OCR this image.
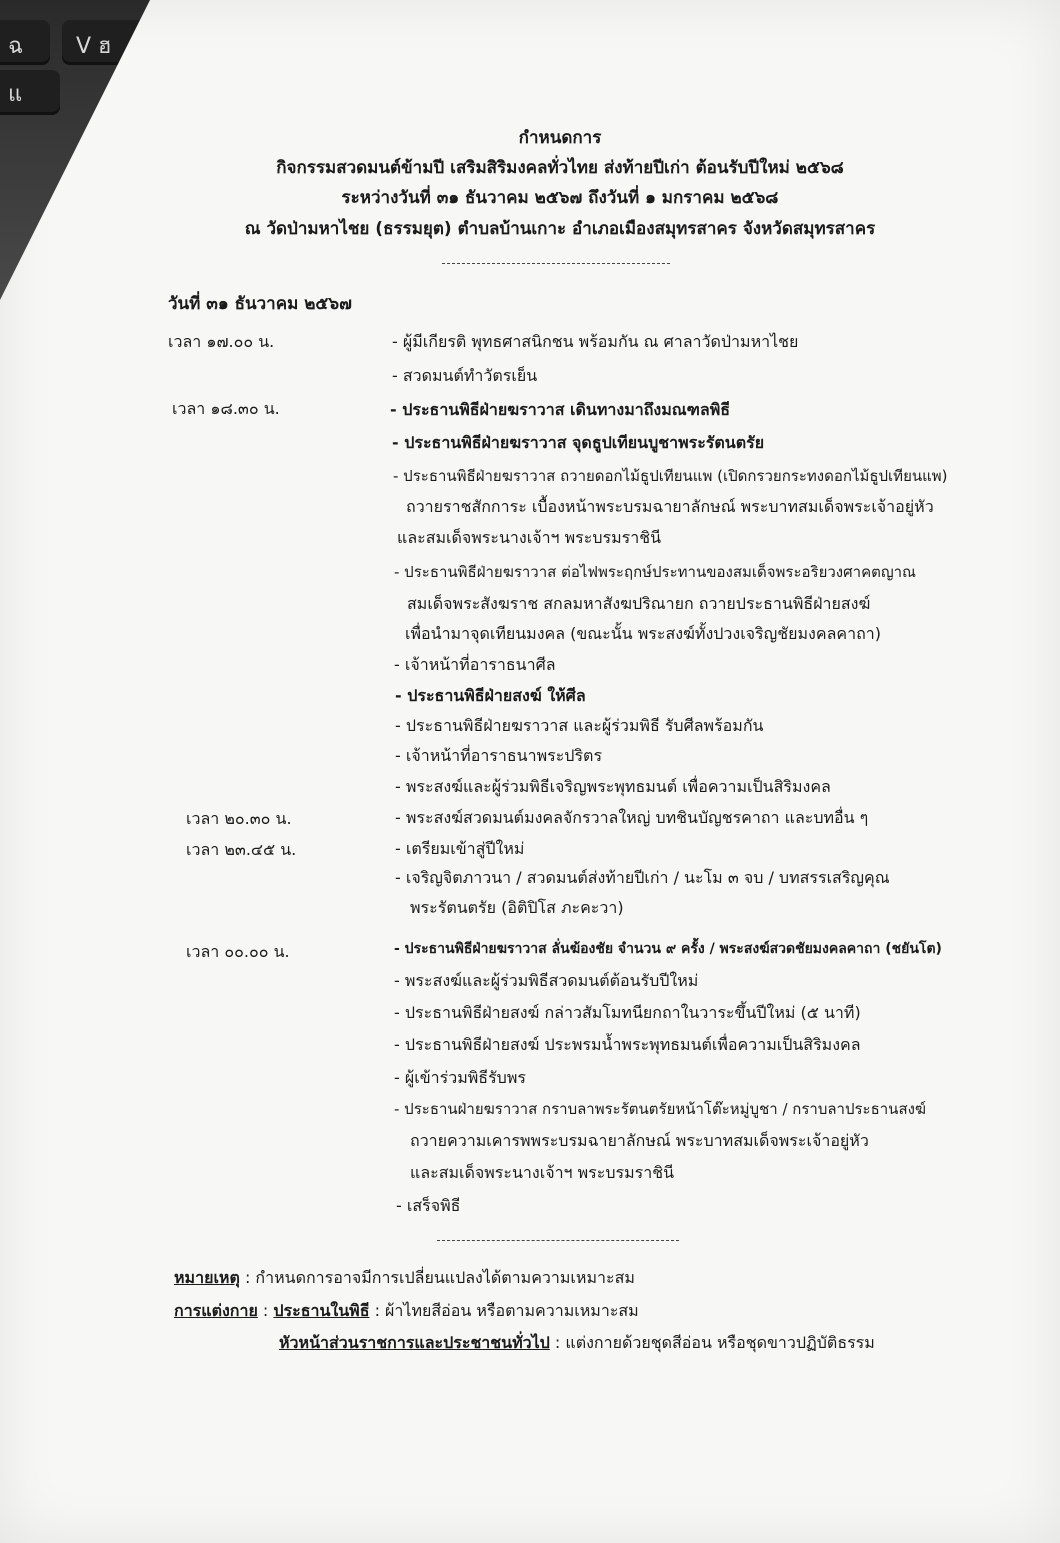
ฉ V ฮ
แ
กำหนดการ
กิจกรรมสวดมนต์ข้ามปี เสริมสิริมงคลทั่วไทย ส่งท้ายปีเก่า ต้อนรับปีใหม่ ๒๕๖๘
ระหว่างวันที่ ๓๑ ธันวาคม ๒๕๖๗ ถึงวันที่ ๑ มกราคม ๒๕๖๘
ณ วัดป่ามหาไชย (ธรรมยุต) ตำบลบ้านเกาะ อำเภอเมืองสมุทรสาคร จังหวัดสมุทรสาคร
วันที่ ๓๑ ธันวาคม ๒๕๖๗
เวลา ๑๗.๐๐ น.
เวลา ๑๘.๓๐ น.
เวลา ๒๐.๓๐ น.
เวลา ๒๓.๔๕ น.
เวลา ๐๐.๐๐ น.
- ผู้มีเกียรติ พุทธศาสนิกชน พร้อมกัน ณ ศาลาวัดป่ามหาไชย
- สวดมนต์ทำวัตรเย็น
- ประธานพิธีฝ่ายฆราวาส เดินทางมาถึงมณฑลพิธี
- ประธานพิธีฝ่ายฆราวาส จุดธูปเทียนบูชาพระรัตนตรัย
- ประธานพิธีฝ่ายฆราวาส ถวายดอกไม้ธูปเทียนแพ (เปิดกรวยกระทงดอกไม้ธูปเทียนแพ)
ถวายราชสักการะ เบื้องหน้าพระบรมฉายาลักษณ์ พระบาทสมเด็จพระเจ้าอยู่หัว
และสมเด็จพระนางเจ้าฯ พระบรมราชินี
- ประธานพิธีฝ่ายฆราวาส ต่อไฟพระฤกษ์ประทานของสมเด็จพระอริยวงศาคตญาณ
สมเด็จพระสังฆราช สกลมหาสังฆปริณายก ถวายประธานพิธีฝ่ายสงฆ์
เพื่อนำมาจุดเทียนมงคล (ขณะนั้น พระสงฆ์ทั้งปวงเจริญชัยมงคลคาถา)
- เจ้าหน้าที่อาราธนาศีล
- ประธานพิธีฝ่ายสงฆ์ ให้ศีล
- ประธานพิธีฝ่ายฆราวาส และผู้ร่วมพิธี รับศีลพร้อมกัน
- เจ้าหน้าที่อาราธนาพระปริตร
- พระสงฆ์และผู้ร่วมพิธีเจริญพระพุทธมนต์ เพื่อความเป็นสิริมงคล
- พระสงฆ์สวดมนต์มงคลจักรวาลใหญ่ บทชินบัญชรคาถา และบทอื่น ๆ
- เตรียมเข้าสู่ปีใหม่
- เจริญจิตภาวนา / สวดมนต์ส่งท้ายปีเก่า / นะโม ๓ จบ / บทสรรเสริญคุณ
พระรัตนตรัย (อิติปิโส ภะคะวา)
- ประธานพิธีฝ่ายฆราวาส ลั่นฆ้องชัย จำนวน ๙ ครั้ง / พระสงฆ์สวดชัยมงคลคาถา (ชยันโต)
- พระสงฆ์และผู้ร่วมพิธีสวดมนต์ต้อนรับปีใหม่
- ประธานพิธีฝ่ายสงฆ์ กล่าวสัมโมทนียกถาในวาระขึ้นปีใหม่ (๕ นาที)
- ประธานพิธีฝ่ายสงฆ์ ประพรมน้ำพระพุทธมนต์เพื่อความเป็นสิริมงคล
- ผู้เข้าร่วมพิธีรับพร
- ประธานฝ่ายฆราวาส กราบลาพระรัตนตรัยหน้าโต๊ะหมู่บูชา / กราบลาประธานสงฆ์
ถวายความเคารพพระบรมฉายาลักษณ์ พระบาทสมเด็จพระเจ้าอยู่หัว
และสมเด็จพระนางเจ้าฯ พระบรมราชินี
- เสร็จพิธี
หมายเหตุ : กำหนดการอาจมีการเปลี่ยนแปลงได้ตามความเหมาะสม
การแต่งกาย : ประธานในพิธี : ผ้าไทยสีอ่อน หรือตามความเหมาะสม
หัวหน้าส่วนราชการและประชาชนทั่วไป : แต่งกายด้วยชุดสีอ่อน หรือชุดขาวปฏิบัติธรรม
